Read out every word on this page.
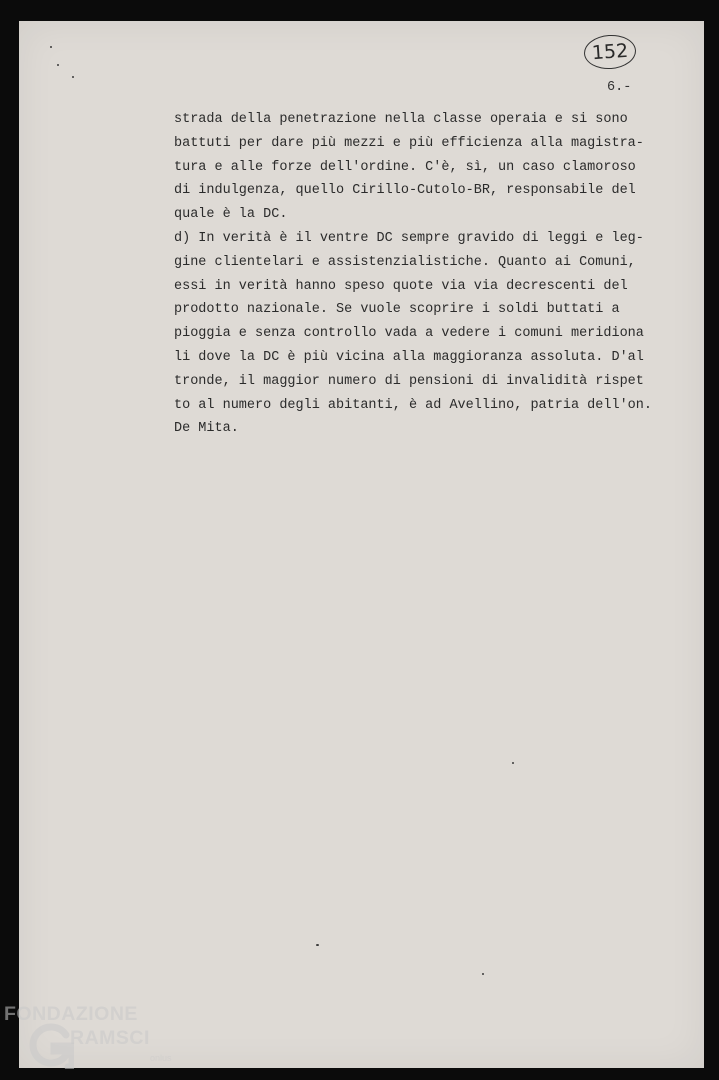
152
6.-
strada della penetrazione nella classe operaia e si sono
battuti per dare più mezzi e più efficienza alla magistra-
tura e alle forze dell'ordine. C'è, sì, un caso clamoroso
di indulgenza, quello Cirillo-Cutolo-BR, responsabile del
quale è la DC.
d) In verità è il ventre DC sempre gravido di leggi e leg-
gine clientelari e assistenzialistiche. Quanto ai Comuni,
essi in verità hanno speso quote via via decrescenti del
prodotto nazionale. Se vuole scoprire i soldi buttati a
pioggia e senza controllo vada a vedere i comuni meridiona
li dove la DC è più vicina alla maggioranza assoluta. D'al
tronde, il maggior numero di pensioni di invalidità rispet
to al numero degli abitanti, è ad Avellino, patria dell'on.
De Mita.
FONDAZIONE
RAMSCI
onlus
